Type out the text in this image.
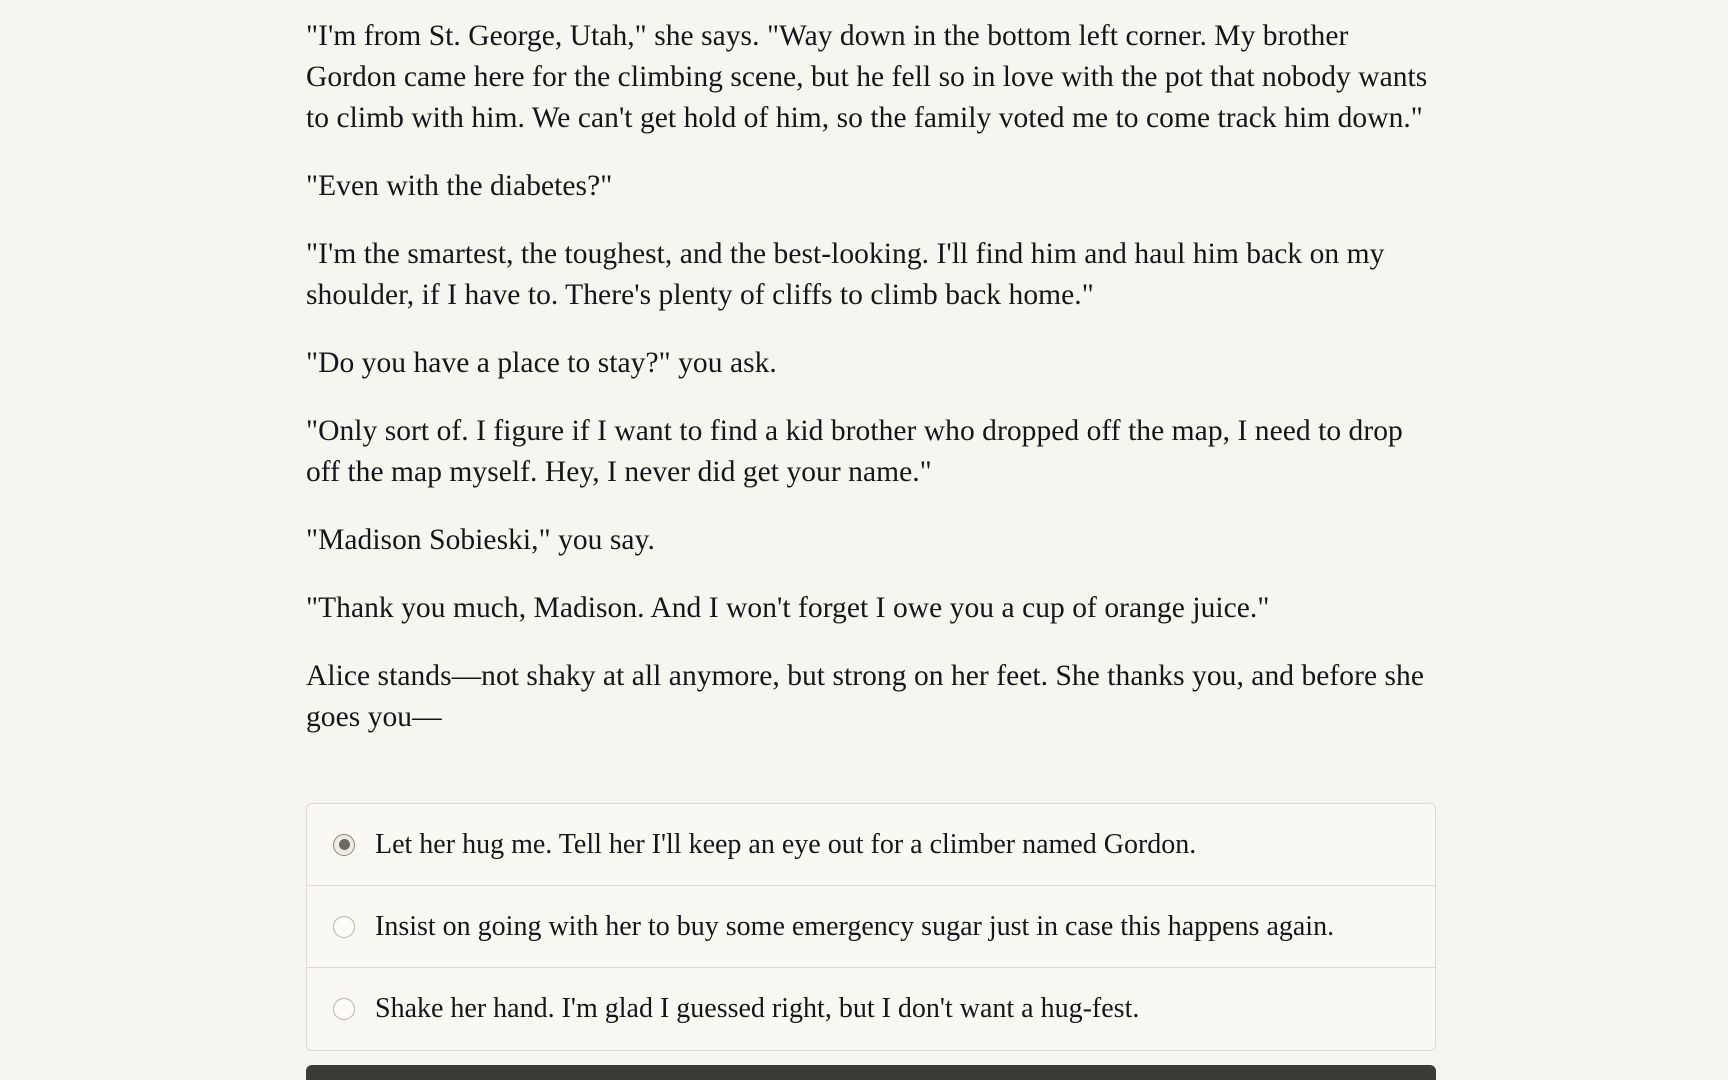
"I'm from St. George, Utah," she says. "Way down in the bottom left corner. My brother Gordon came here for the climbing scene, but he fell so in love with the pot that nobody wants to climb with him. We can't get hold of him, so the family voted me to come track him down."

"Even with the diabetes?"

"I'm the smartest, the toughest, and the best-looking. I'll find him and haul him back on my shoulder, if I have to. There's plenty of cliffs to climb back home."

"Do you have a place to stay?" you ask.

"Only sort of. I figure if I want to find a kid brother who dropped off the map, I need to drop off the map myself. Hey, I never did get your name."

"Madison Sobieski," you say.

"Thank you much, Madison. And I won't forget I owe you a cup of orange juice."

Alice stands—not shaky at all anymore, but strong on her feet. She thanks you, and before she goes you—

Let her hug me. Tell her I'll keep an eye out for a climber named Gordon.
Insist on going with her to buy some emergency sugar just in case this happens again.
Shake her hand. I'm glad I guessed right, but I don't want a hug-fest.
